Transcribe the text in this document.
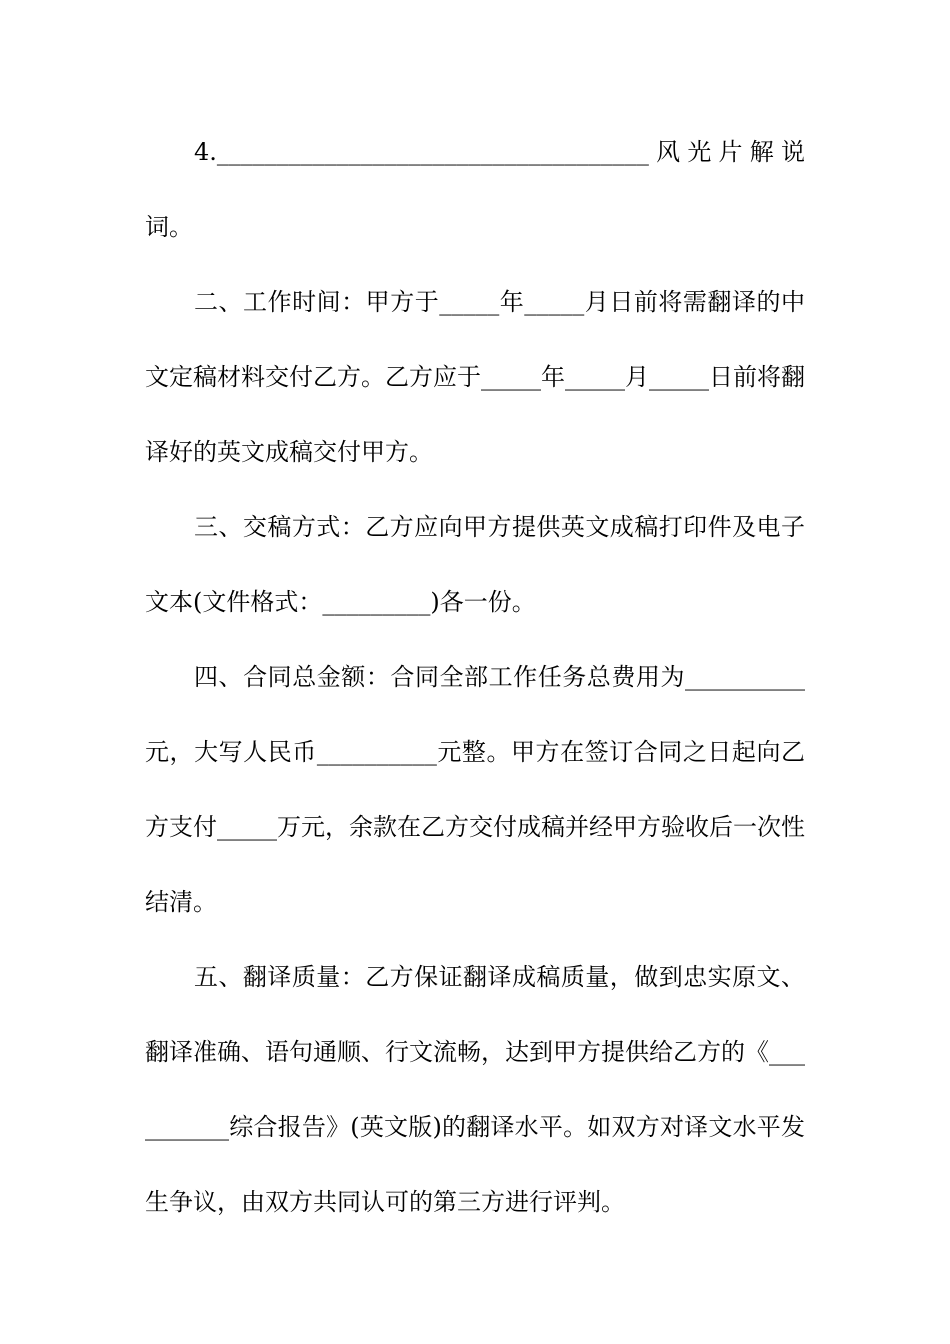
4.____________________________________风光片解说
词。
二、工作时间：甲方于_____年_____月日前将需翻译的中
文定稿材料交付乙方。乙方应于_____年_____月_____日前将翻
译好的英文成稿交付甲方。
三、交稿方式：乙方应向甲方提供英文成稿打印件及电子
文本(文件格式：_________)各一份。
四、合同总金额：合同全部工作任务总费用为__________
元，大写人民币__________元整。甲方在签订合同之日起向乙
方支付_____万元，余款在乙方交付成稿并经甲方验收后一次性
结清。
五、翻译质量：乙方保证翻译成稿质量，做到忠实原文、
翻译准确、语句通顺、行文流畅，达到甲方提供给乙方的《___
_______综合报告》(英文版)的翻译水平。如双方对译文水平发
生争议，由双方共同认可的第三方进行评判。
